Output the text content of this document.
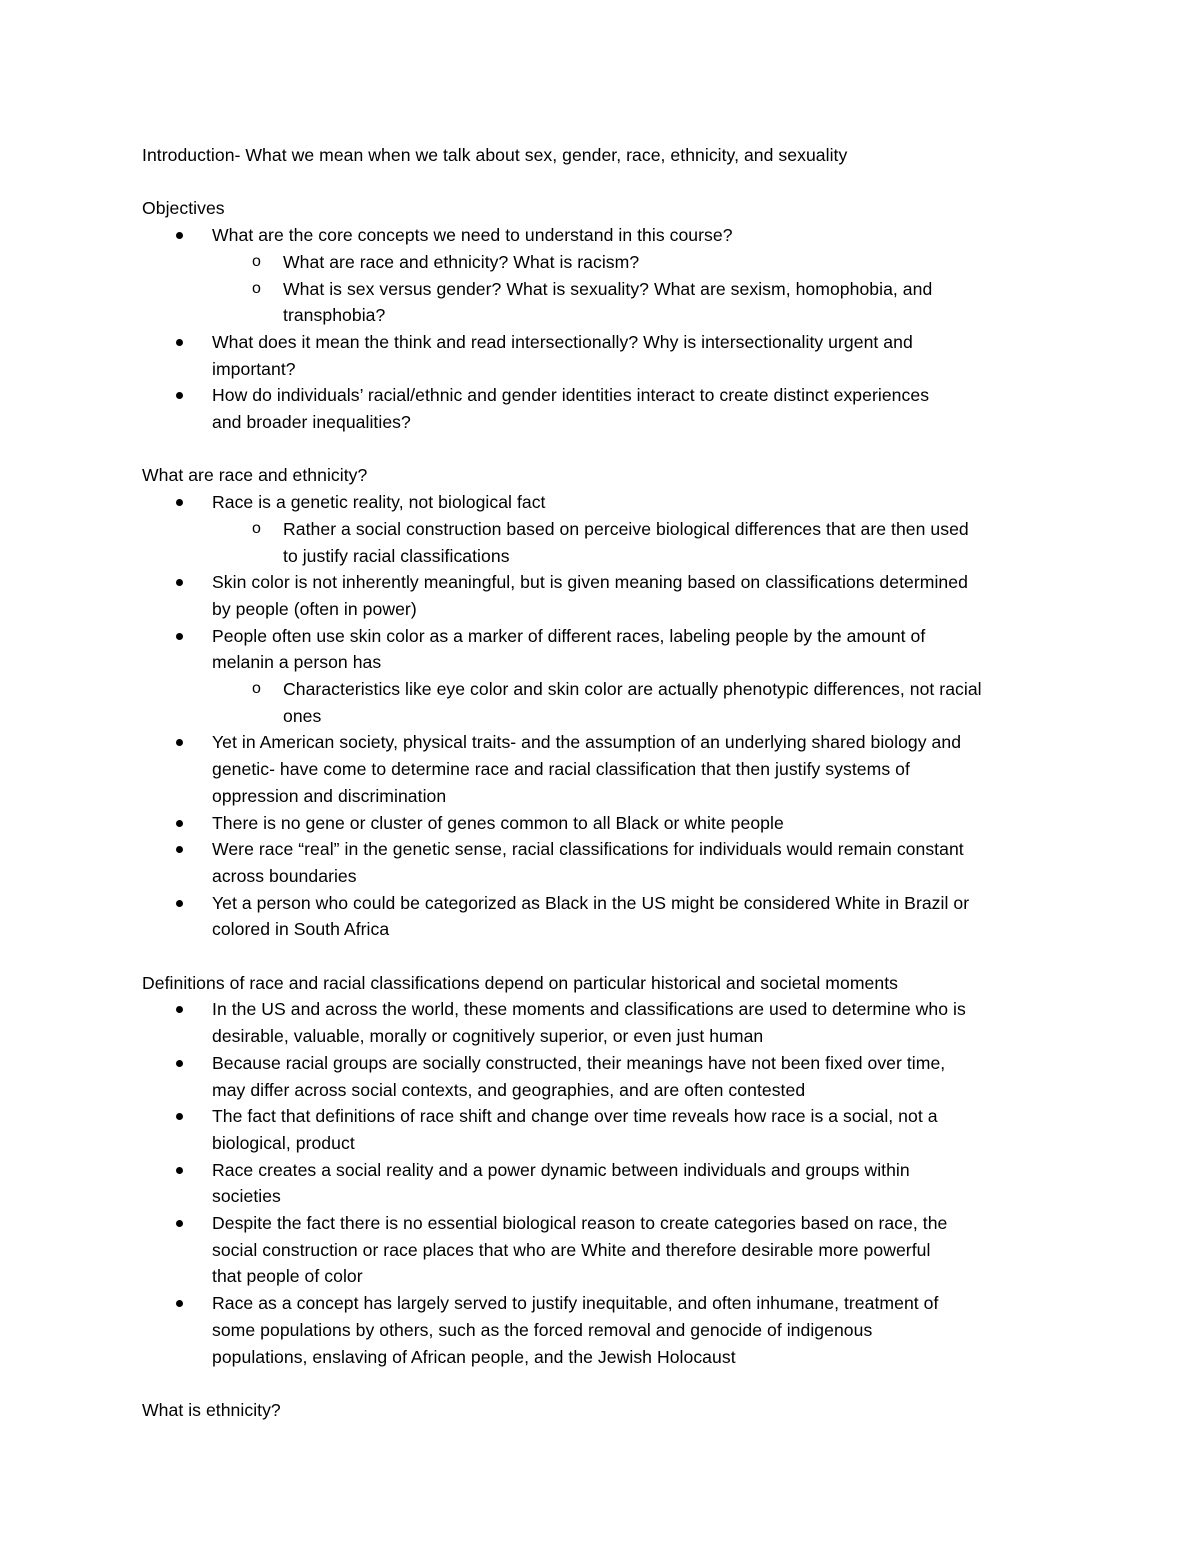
Introduction- What we mean when we talk about sex, gender, race, ethnicity, and sexuality

Objectives

What are the core concepts we need to understand in this course?

o What are race and ethnicity? What is racism?

o What is sex versus gender? What is sexuality? What are sexism, homophobia, and

transphobia?

What does it mean the think and read intersectionally? Why is intersectionality urgent and

important?

How do individuals’ racial/ethnic and gender identities interact to create distinct experiences

and broader inequalities?

What are race and ethnicity?

Race is a genetic reality, not biological fact

o Rather a social construction based on perceive biological differences that are then used

to justify racial classifications

Skin color is not inherently meaningful, but is given meaning based on classifications determined

by people (often in power)

People often use skin color as a marker of different races, labeling people by the amount of

melanin a person has

o Characteristics like eye color and skin color are actually phenotypic differences, not racial

ones

Yet in American society, physical traits- and the assumption of an underlying shared biology and

genetic- have come to determine race and racial classification that then justify systems of

oppression and discrimination

There is no gene or cluster of genes common to all Black or white people

Were race “real” in the genetic sense, racial classifications for individuals would remain constant

across boundaries

Yet a person who could be categorized as Black in the US might be considered White in Brazil or

colored in South Africa

Definitions of race and racial classifications depend on particular historical and societal moments

In the US and across the world, these moments and classifications are used to determine who is

desirable, valuable, morally or cognitively superior, or even just human

Because racial groups are socially constructed, their meanings have not been fixed over time,

may differ across social contexts, and geographies, and are often contested

The fact that definitions of race shift and change over time reveals how race is a social, not a

biological, product

Race creates a social reality and a power dynamic between individuals and groups within

societies

Despite the fact there is no essential biological reason to create categories based on race, the

social construction or race places that who are White and therefore desirable more powerful

that people of color

Race as a concept has largely served to justify inequitable, and often inhumane, treatment of

some populations by others, such as the forced removal and genocide of indigenous

populations, enslaving of African people, and the Jewish Holocaust

What is ethnicity?
